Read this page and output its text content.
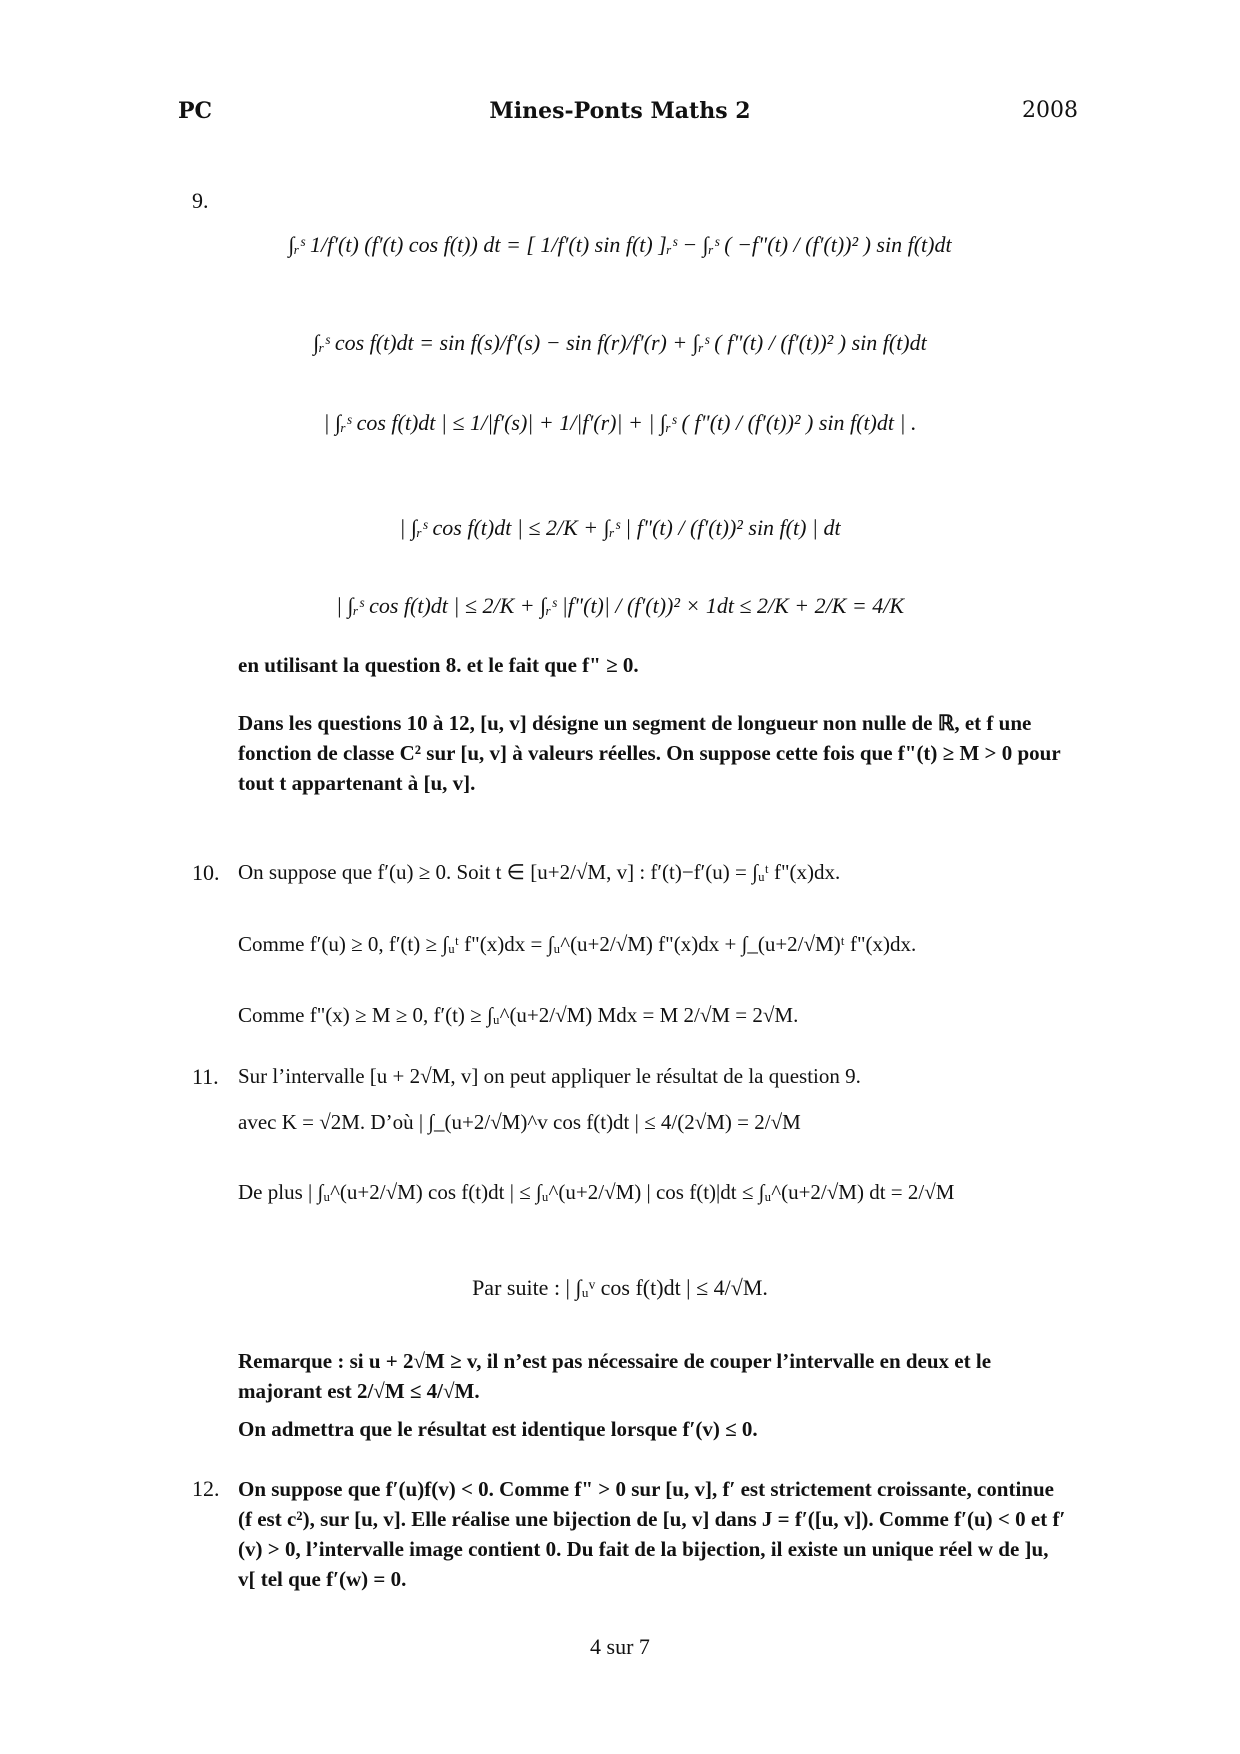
PC	Mines-Ponts Maths 2	2008
9.
∫ᵣˢ 1/f′(t) (f′(t) cos f(t)) dt = [ 1/f′(t) sin f(t) ]ᵣˢ − ∫ᵣˢ ( −f"(t) / (f′(t))² ) sin f(t)dt
∫ᵣˢ cos f(t)dt = sin f(s)/f′(s) − sin f(r)/f′(r) + ∫ᵣˢ ( f"(t) / (f′(t))² ) sin f(t)dt
| ∫ᵣˢ cos f(t)dt | ≤ 1/|f′(s)| + 1/|f′(r)| + | ∫ᵣˢ ( f"(t) / (f′(t))² ) sin f(t)dt | .
| ∫ᵣˢ cos f(t)dt | ≤ 2/K + ∫ᵣˢ | f"(t) / (f′(t))² sin f(t) | dt
| ∫ᵣˢ cos f(t)dt | ≤ 2/K + ∫ᵣˢ |f"(t)| / (f′(t))² × 1dt ≤ 2/K + 2/K = 4/K
en utilisant la question 8. et le fait que f" ≥ 0.
Dans les questions 10 à 12, [u, v] désigne un segment de longueur non nulle de ℝ, et f une fonction de classe C² sur [u, v] à valeurs réelles. On suppose cette fois que f"(t) ≥ M > 0 pour tout t appartenant à [u, v].
10. On suppose que f′(u) ≥ 0. Soit t ∈ [u+2/√M, v] : f′(t)−f′(u) = ∫ᵤᵗ f"(x)dx.
Comme f′(u) ≥ 0, f′(t) ≥ ∫ᵤᵗ f"(x)dx = ∫ᵤ^(u+2/√M) f"(x)dx + ∫_(u+2/√M)ᵗ f"(x)dx.
Comme f"(x) ≥ M ≥ 0, f′(t) ≥ ∫ᵤ^(u+2/√M) Mdx = M 2/√M = 2√M.
11. Sur l’intervalle [u + 2√M, v] on peut appliquer le résultat de la question 9.
avec K = √2M. D’où | ∫_(u+2/√M)^v cos f(t)dt | ≤ 4/(2√M) = 2/√M
De plus | ∫ᵤ^(u+2/√M) cos f(t)dt | ≤ ∫ᵤ^(u+2/√M) | cos f(t)|dt ≤ ∫ᵤ^(u+2/√M) dt = 2/√M
Par suite : | ∫ᵤᵛ cos f(t)dt | ≤ 4/√M.
Remarque : si u + 2√M ≥ v, il n’est pas nécessaire de couper l’intervalle en deux et le majorant est 2/√M ≤ 4/√M.
On admettra que le résultat est identique lorsque f′(v) ≤ 0.
12. On suppose que f′(u)f(v) < 0. Comme f" > 0 sur [u, v], f′ est strictement croissante, continue (f est c²), sur [u, v]. Elle réalise une bijection de [u, v] dans J = f′([u, v]). Comme f′(u) < 0 et f′(v) > 0, l’intervalle image contient 0. Du fait de la bijection, il existe un unique réel w de ]u, v[ tel que f′(w) = 0.
4 sur 7
